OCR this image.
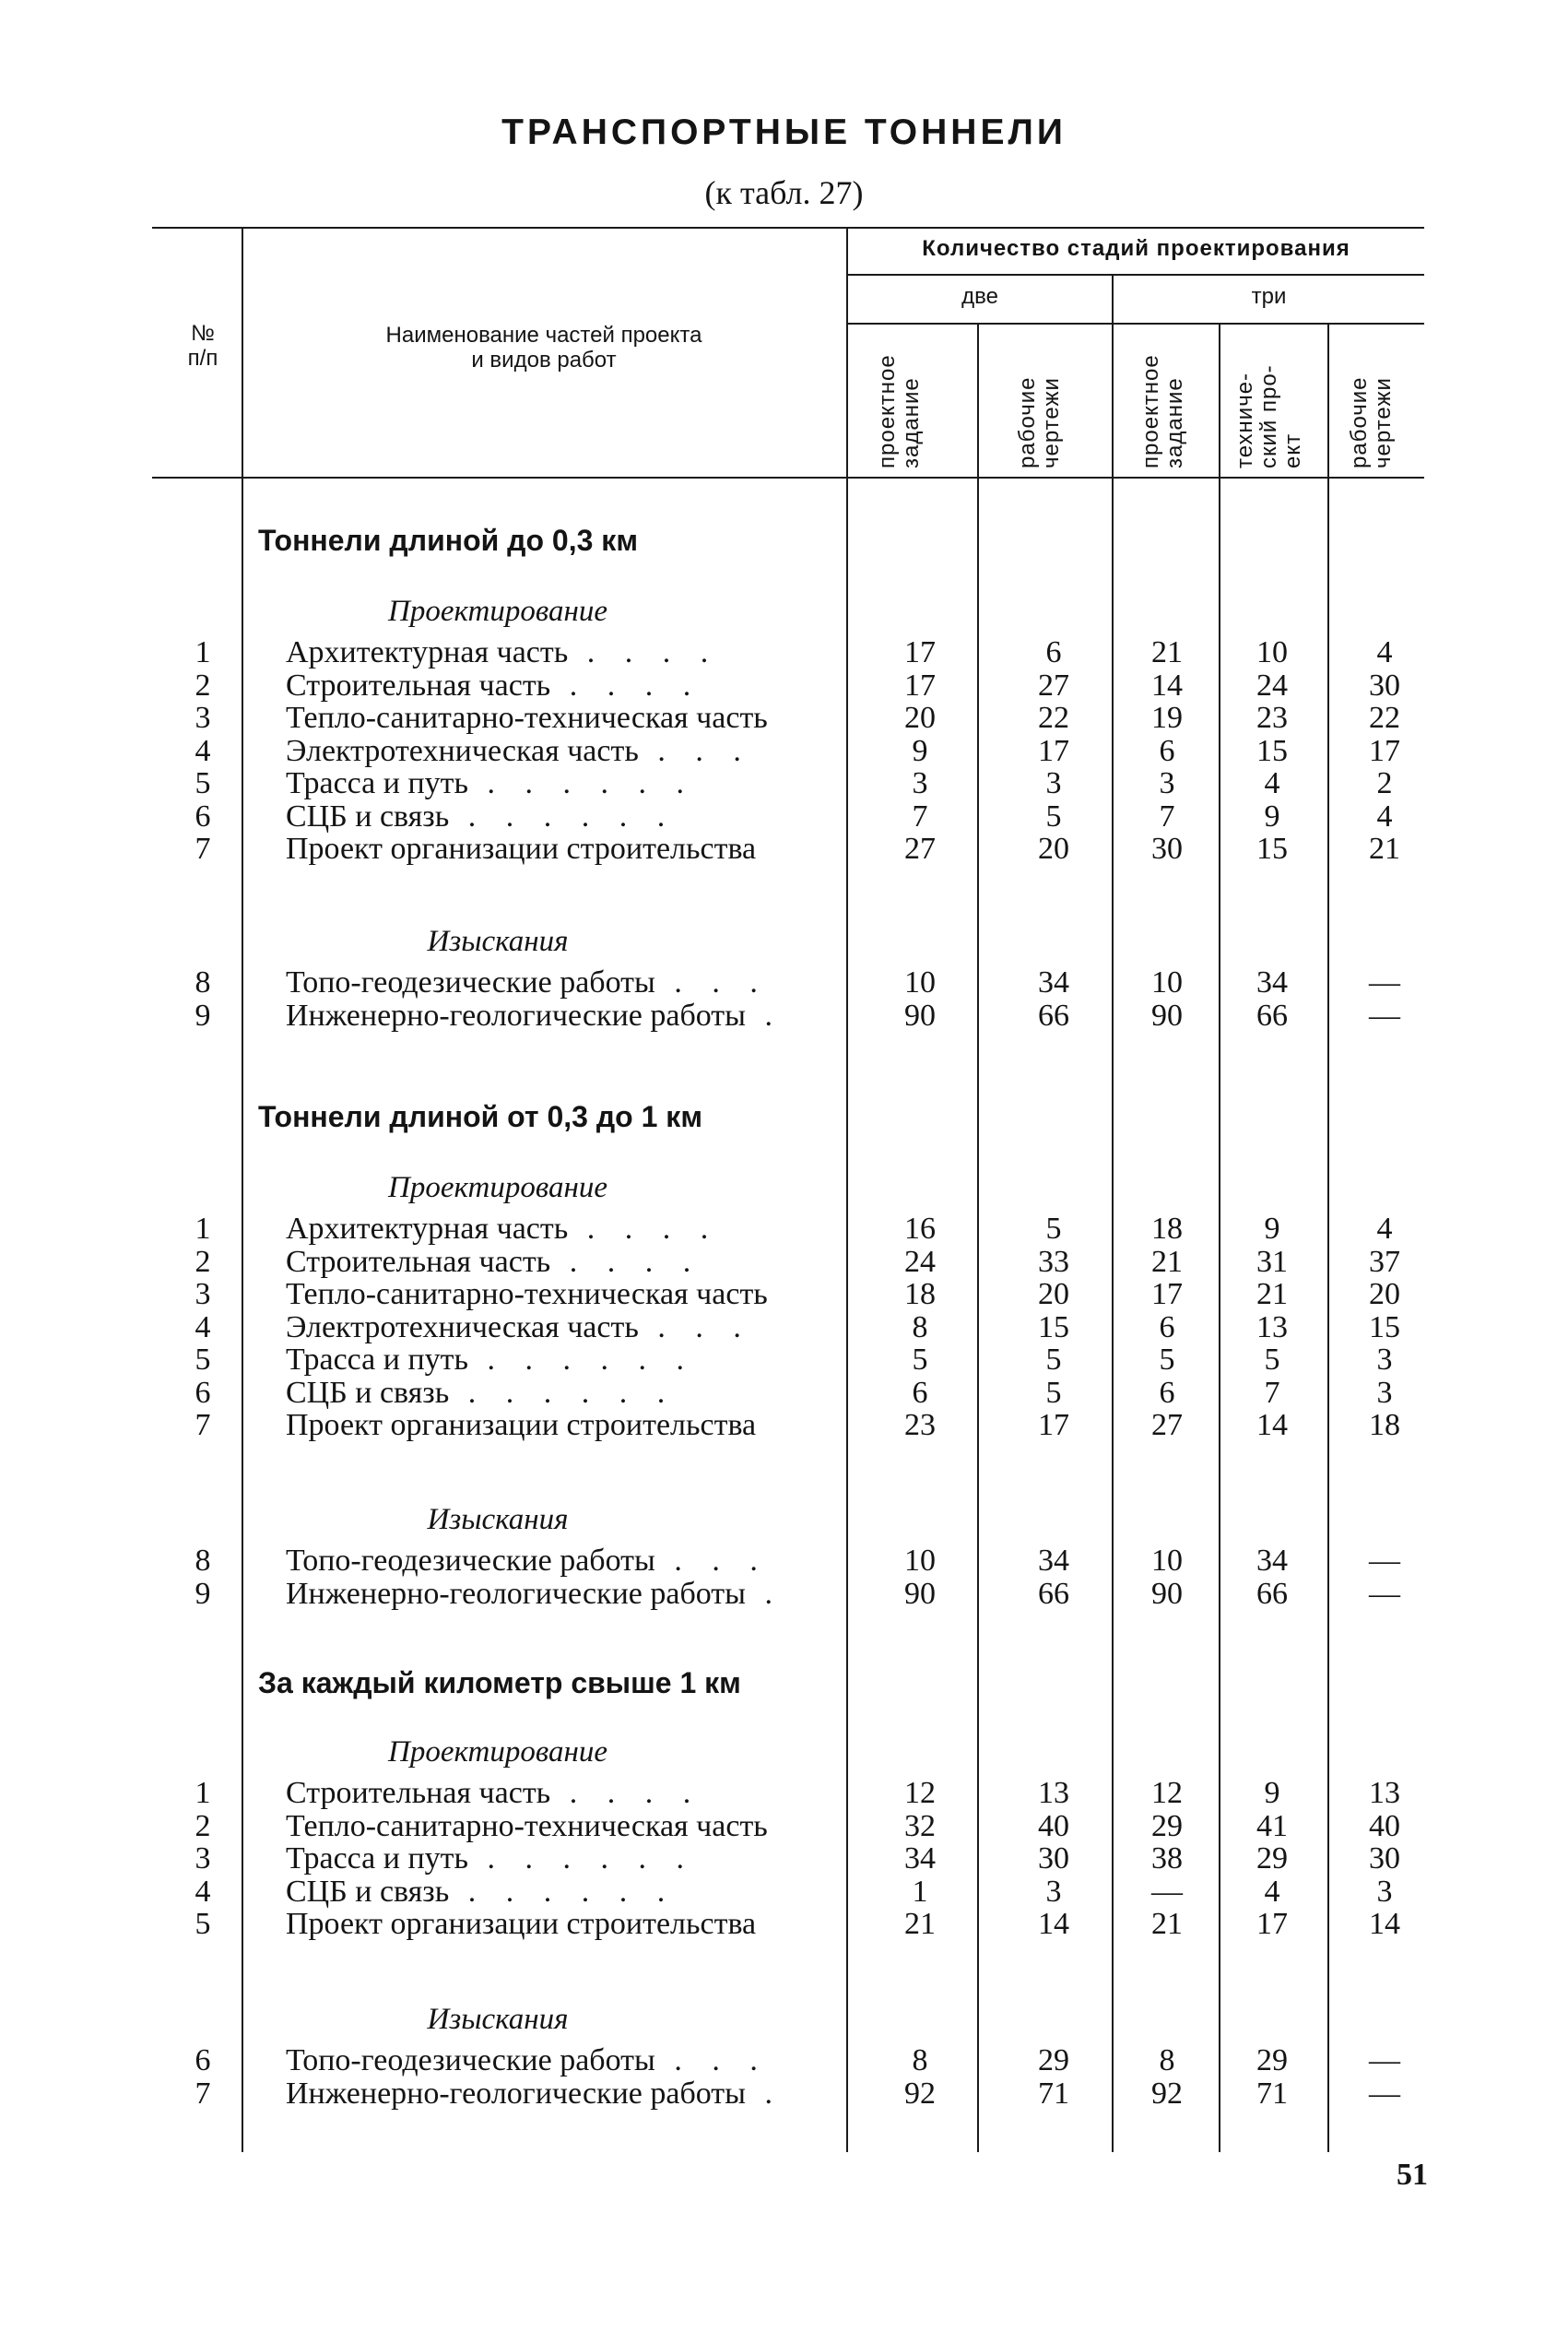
ТРАНСПОРТНЫЕ ТОННЕЛИ
(к табл. 27)
№
п/п
Наименование частей проекта
и видов работ
Количество стадий проектирования
две	три
проектное задание	рабочие чертежи	проектное задание	техниче-ский про-ект	рабочие чертежи
Тоннели длиной до 0,3 км
Проектирование
1	Архитектурная часть . . . .	17	6	21	10	4
2	Строительная часть . . . .	17	27	14	24	30
3	Тепло-санитарно-техническая часть	20	22	19	23	22
4	Электротехническая часть . . .	9	17	6	15	17
5	Трасса и путь . . . . . .	3	3	3	4	2
6	СЦБ и связь . . . . . .	7	5	7	9	4
7	Проект организации строительства	27	20	30	15	21
Изыскания
8	Топо-геодезические работы . . .	10	34	10	34	—
9	Инженерно-геологические работы .	90	66	90	66	—
Тоннели длиной от 0,3 до 1 км
Проектирование
1	Архитектурная часть . . . .	16	5	18	9	4
2	Строительная часть . . . .	24	33	21	31	37
3	Тепло-санитарно-техническая часть	18	20	17	21	20
4	Электротехническая часть . . .	8	15	6	13	15
5	Трасса и путь . . . . . .	5	5	5	5	3
6	СЦБ и связь . . . . . .	6	5	6	7	3
7	Проект организации строительства	23	17	27	14	18
Изыскания
8	Топо-геодезические работы . . .	10	34	10	34	—
9	Инженерно-геологические работы .	90	66	90	66	—
За каждый километр свыше 1 км
Проектирование
1	Строительная часть . . . .	12	13	12	9	13
2	Тепло-санитарно-техническая часть	32	40	29	41	40
3	Трасса и путь . . . . . .	34	30	38	29	30
4	СЦБ и связь . . . . . .	1	3	—	4	3
5	Проект организации строительства	21	14	21	17	14
Изыскания
6	Топо-геодезические работы . . .	8	29	8	29	—
7	Инженерно-геологические работы .	92	71	92	71	—
51
